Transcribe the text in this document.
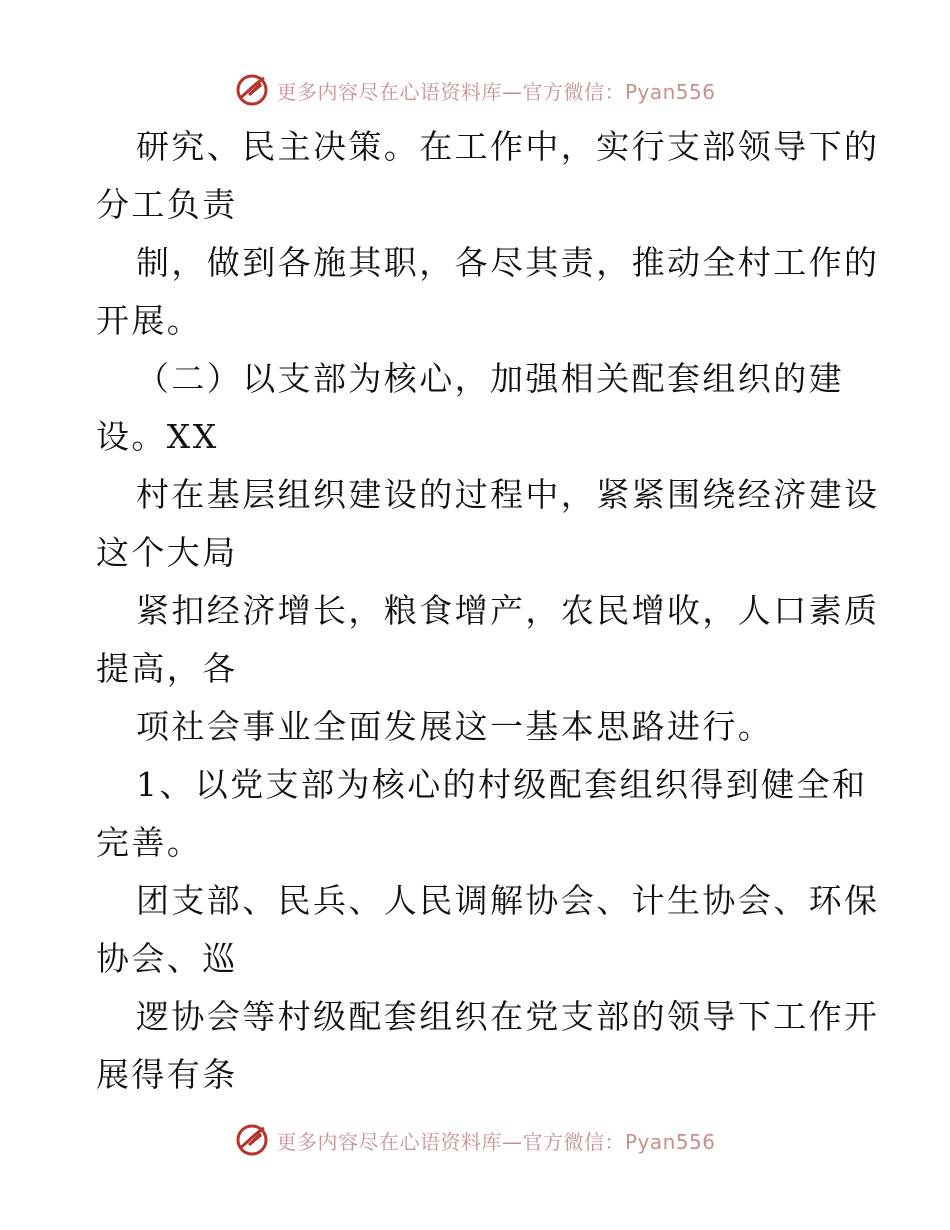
更多内容尽在心语资料库—官方微信：Pyan556
研究、民主决策。在工作中，实行支部领导下的
分工负责
制，做到各施其职，各尽其责，推动全村工作的
开展。
（二）以支部为核心，加强相关配套组织的建
设。XX
村在基层组织建设的过程中，紧紧围绕经济建设
这个大局
紧扣经济增长，粮食增产，农民增收，人口素质
提高，各
项社会事业全面发展这一基本思路进行。
1、以党支部为核心的村级配套组织得到健全和
完善。
团支部、民兵、人民调解协会、计生协会、环保
协会、巡
逻协会等村级配套组织在党支部的领导下工作开
展得有条
更多内容尽在心语资料库—官方微信：Pyan556
